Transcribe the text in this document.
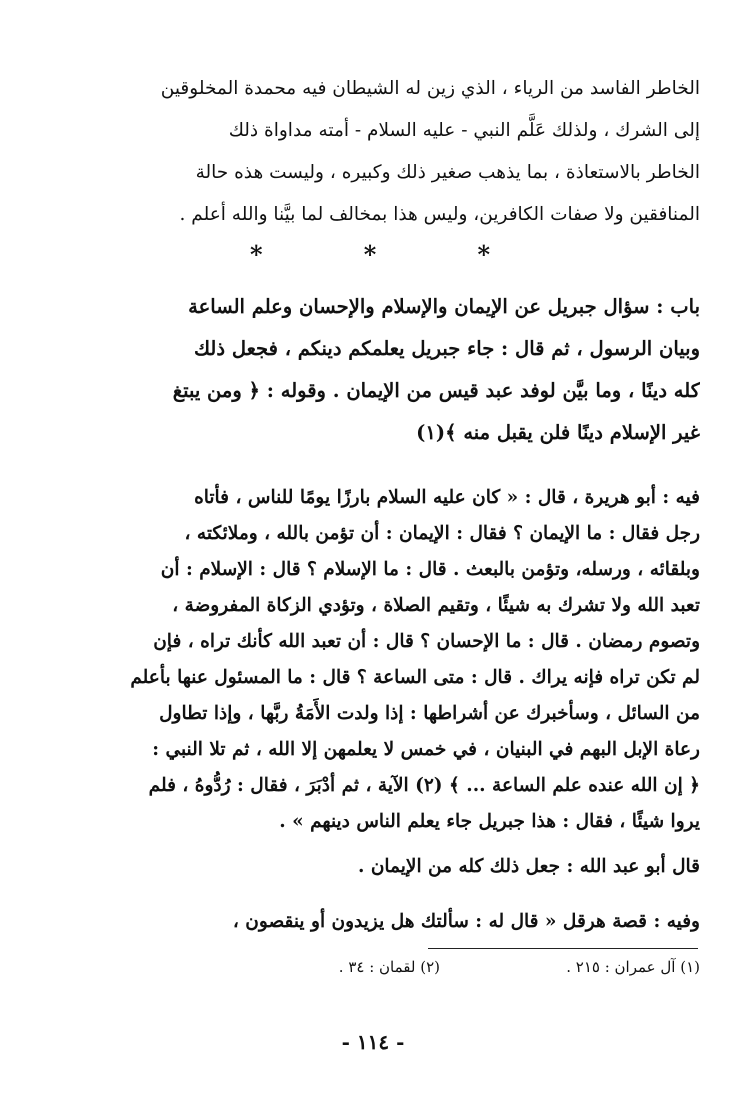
الخاطر الفاسد من الرياء ، الذي زين له الشيطان فيه محمدة المخلوقين
إلى الشرك ، ولذلك عَلَّم النبي - عليه السلام - أمته مداواة ذلك
الخاطر بالاستعاذة ، بما يذهب صغير ذلك وكبيره ، وليست هذه حالة
المنافقين ولا صفات الكافرين، وليس هذا بمخالف لما بيَّنا والله أعلم .
*	*	*
باب : سؤال جبريل عن الإيمان والإسلام والإحسان وعلم الساعة
وبيان الرسول ، ثم قال : جاء جبريل يعلمكم دينكم ، فجعل ذلك
كله دينًا ، وما بيَّن لوفد عبد قيس من الإيمان . وقوله : ﴿ ومن يبتغ
غير الإسلام دينًا فلن يقبل منه ﴾(١)
فيه : أبو هريرة ، قال : « كان عليه السلام بارزًا يومًا للناس ، فأتاه
رجل فقال : ما الإيمان ؟ فقال : الإيمان : أن تؤمن بالله ، وملائكته ،
وبلقائه ، ورسله، وتؤمن بالبعث . قال : ما الإسلام ؟ قال : الإسلام : أن
تعبد الله ولا تشرك به شيئًا ، وتقيم الصلاة ، وتؤدي الزكاة المفروضة ،
وتصوم رمضان . قال : ما الإحسان ؟ قال : أن تعبد الله كأنك تراه ، فإن
لم تكن تراه فإنه يراك . قال : متى الساعة ؟ قال : ما المسئول عنها بأعلم
من السائل ، وسأخبرك عن أشراطها : إذا ولدت الأَمَةُ ربَّها ، وإذا تطاول
رعاة الإبل البهم في البنيان ، في خمس لا يعلمهن إلا الله ، ثم تلا النبي :
﴿ إن الله عنده علم الساعة ... ﴾ (٢) الآية ، ثم أدْبَرَ ، فقال : رُدُّوهُ ، فلم
يروا شيئًا ، فقال : هذا جبريل جاء يعلم الناس دينهم » .
قال أبو عبد الله : جعل ذلك كله من الإيمان .
وفيه : قصة هرقل « قال له : سألتك هل يزيدون أو ينقصون ،
(١) آل عمران : ٢١٥ .
(٢) لقمان : ٣٤ .
- ١١٤ -
